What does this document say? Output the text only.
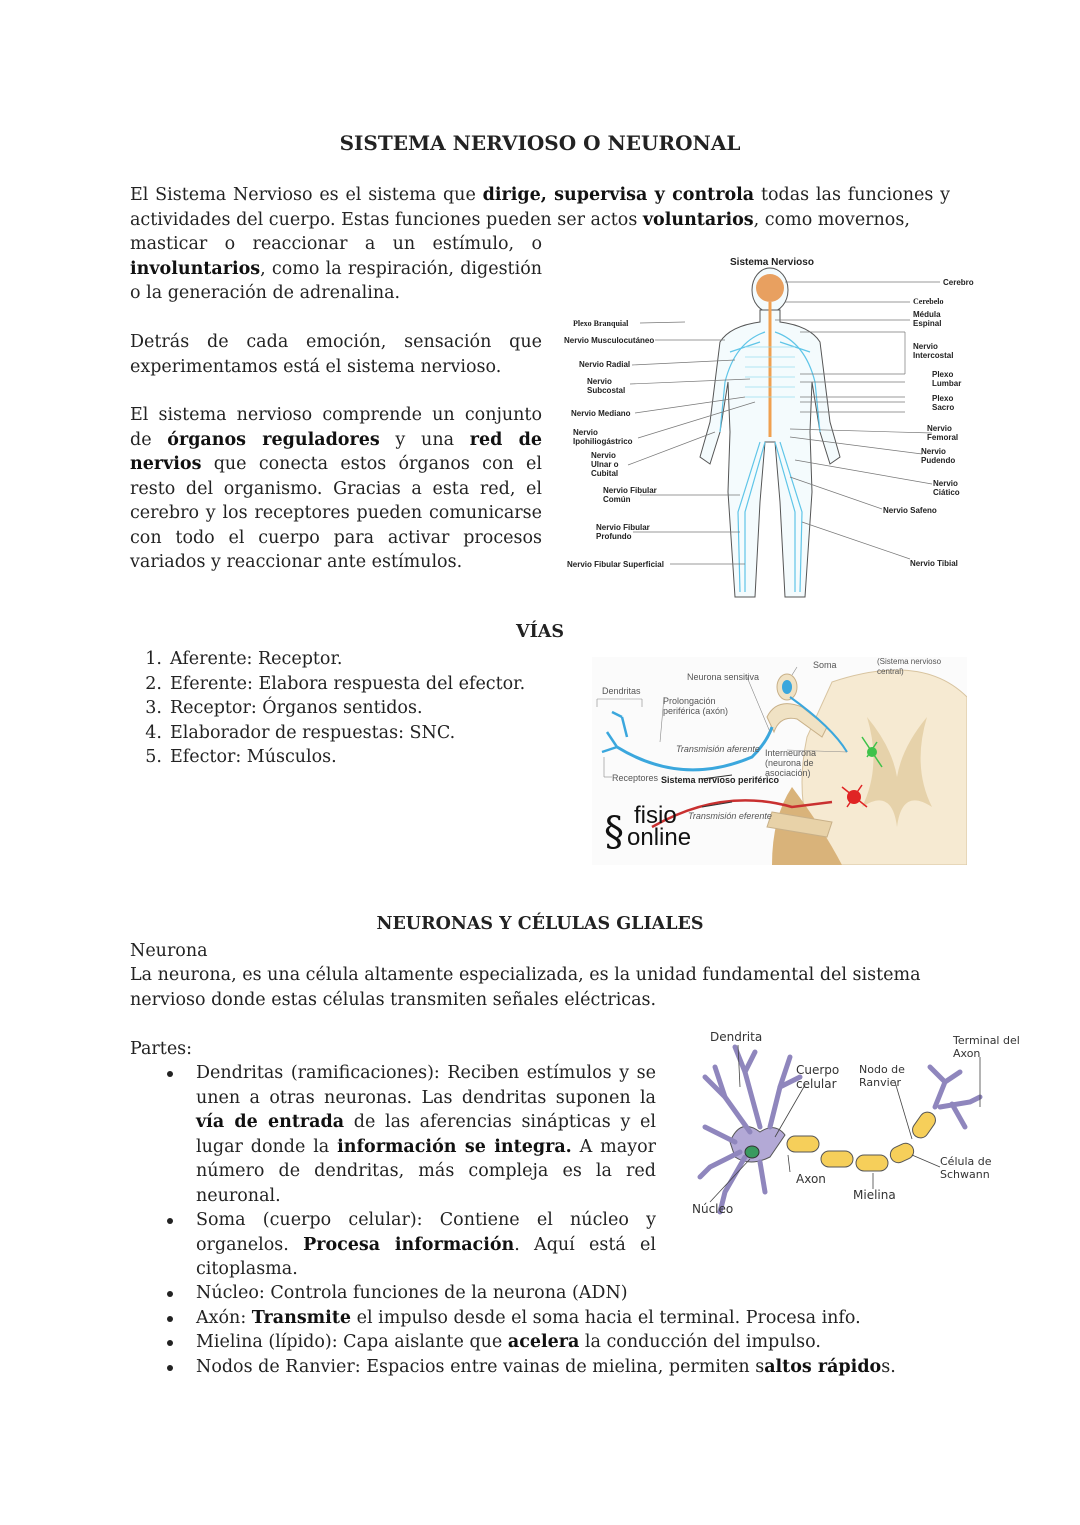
SISTEMA NERVIOSO O NEURONAL
El Sistema Nervioso es el sistema que dirige, supervisa y controla todas las funciones y actividades del cuerpo. Estas funciones pueden ser actos voluntarios, como movernos,
masticar o reaccionar a un estímulo, o involuntarios, como la respiración, digestión o la generación de adrenalina.
Detrás de cada emoción, sensación que experimentamos está el sistema nervioso.
El sistema nervioso comprende un conjunto de órganos reguladores y una red de nervios que conecta estos órganos con el resto del organismo. Gracias a esta red, el cerebro y los receptores pueden comunicarse con todo el cuerpo para activar procesos variados y reaccionar ante estímulos.
Sistema Nervioso
Plexo Branquial
Nervio Musculocutáneo
Nervio Radial
Nervio Subcostal
Nervio Mediano
Nervio Ipohiliogástrico
Nervio Ulnar o Cubital
Nervio Fibular Común
Nervio Fibular Profundo
Nervio Fibular Superficial
Cerebro
Cerebelo
Médula Espinal
Nervio Intercostal
Plexo Lumbar
Plexo Sacro
Nervio Femoral
Nervio Pudendo
Nervio Ciático
Nervio Safeno
Nervio Tibial
VÍAS
1. Aferente: Receptor.
2. Eferente: Elabora respuesta del efector.
3. Receptor: Órganos sentidos.
4. Elaborador de respuestas: SNC.
5. Efector: Músculos.
Soma	(Sistema nervioso central)
Neurona sensitiva
Dendritas
Prolongación periférica (axón)
Transmisión aferente Interneurona (neurona de asociación)
Receptores Sistema nervioso periférico
Transmisión eferente
§ fisio
online
NEURONAS Y CÉLULAS GLIALES
Neurona
La neurona, es una célula altamente especializada, es la unidad fundamental del sistema nervioso donde estas células transmiten señales eléctricas.
Partes:
Dendritas (ramificaciones): Reciben estímulos y se unen a otras neuronas. Las dendritas suponen la vía de entrada de las aferencias sinápticas y el lugar donde la información se integra. A mayor número de dendritas, más compleja es la red neuronal.
Soma (cuerpo celular): Contiene el núcleo y organelos. Procesa información. Aquí está el citoplasma.
Núcleo: Controla funciones de la neurona (ADN)
Axón: Transmite el impulso desde el soma hacia el terminal. Procesa info.
Mielina (lípido): Capa aislante que acelera la conducción del impulso.
Nodos de Ranvier: Espacios entre vainas de mielina, permiten saltos rápidos.
Dendrita	Terminal del Axon
Cuerpo celular
Nodo de Ranvier
Célula de Schwann
Axon
Mielina
Núcleo
